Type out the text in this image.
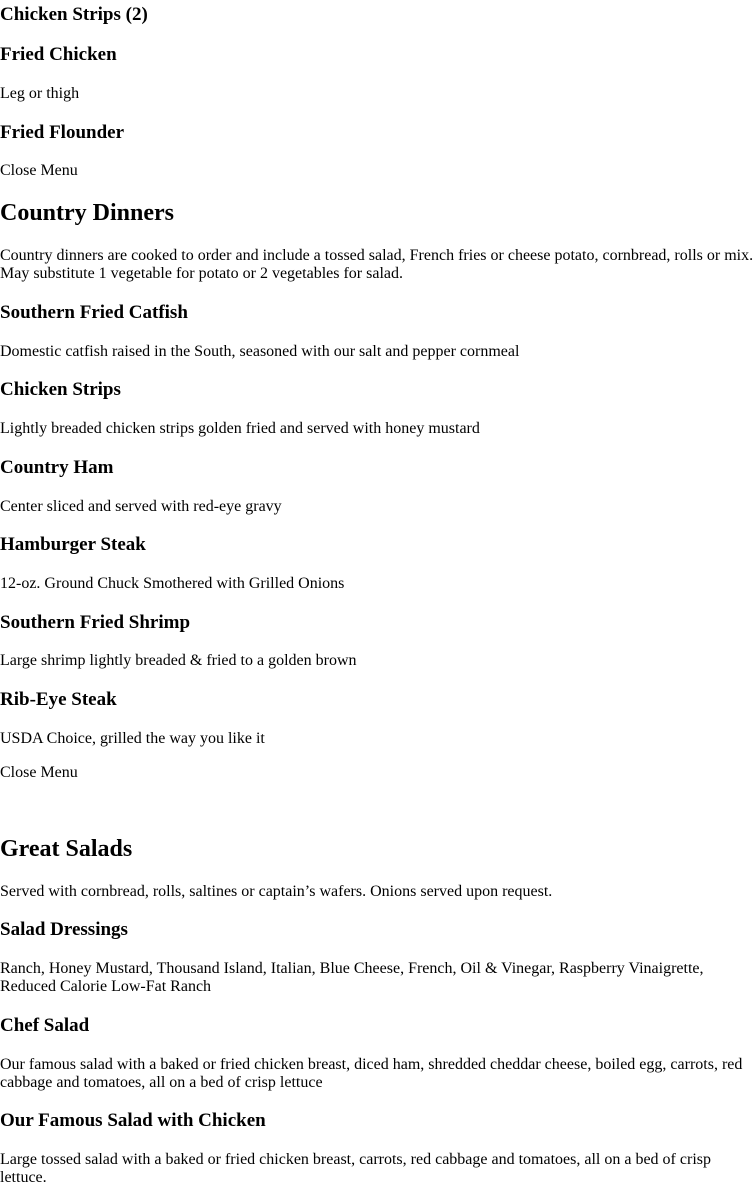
Chicken Strips (2)
Fried Chicken

Leg or thigh

Fried Flounder

Close Menu

Country Dinners

Country dinners are cooked to order and include a tossed salad, French fries or cheese potato, cornbread, rolls or mix. May substitute 1 vegetable for potato or 2 vegetables for salad.

Southern Fried Catfish

Domestic catfish raised in the South, seasoned with our salt and pepper cornmeal

Chicken Strips

Lightly breaded chicken strips golden fried and served with honey mustard

Country Ham

Center sliced and served with red-eye gravy

Hamburger Steak

12-oz. Ground Chuck Smothered with Grilled Onions

Southern Fried Shrimp

Large shrimp lightly breaded & fried to a golden brown

Rib-Eye Steak

USDA Choice, grilled the way you like it

Close Menu

Great Salads

Served with cornbread, rolls, saltines or captain’s wafers. Onions served upon request.

Salad Dressings

Ranch, Honey Mustard, Thousand Island, Italian, Blue Cheese, French, Oil & Vinegar, Raspberry Vinaigrette, Reduced Calorie Low-Fat Ranch

Chef Salad

Our famous salad with a baked or fried chicken breast, diced ham, shredded cheddar cheese, boiled egg, carrots, red cabbage and tomatoes, all on a bed of crisp lettuce

Our Famous Salad with Chicken

Large tossed salad with a baked or fried chicken breast, carrots, red cabbage and tomatoes, all on a bed of crisp lettuce.
